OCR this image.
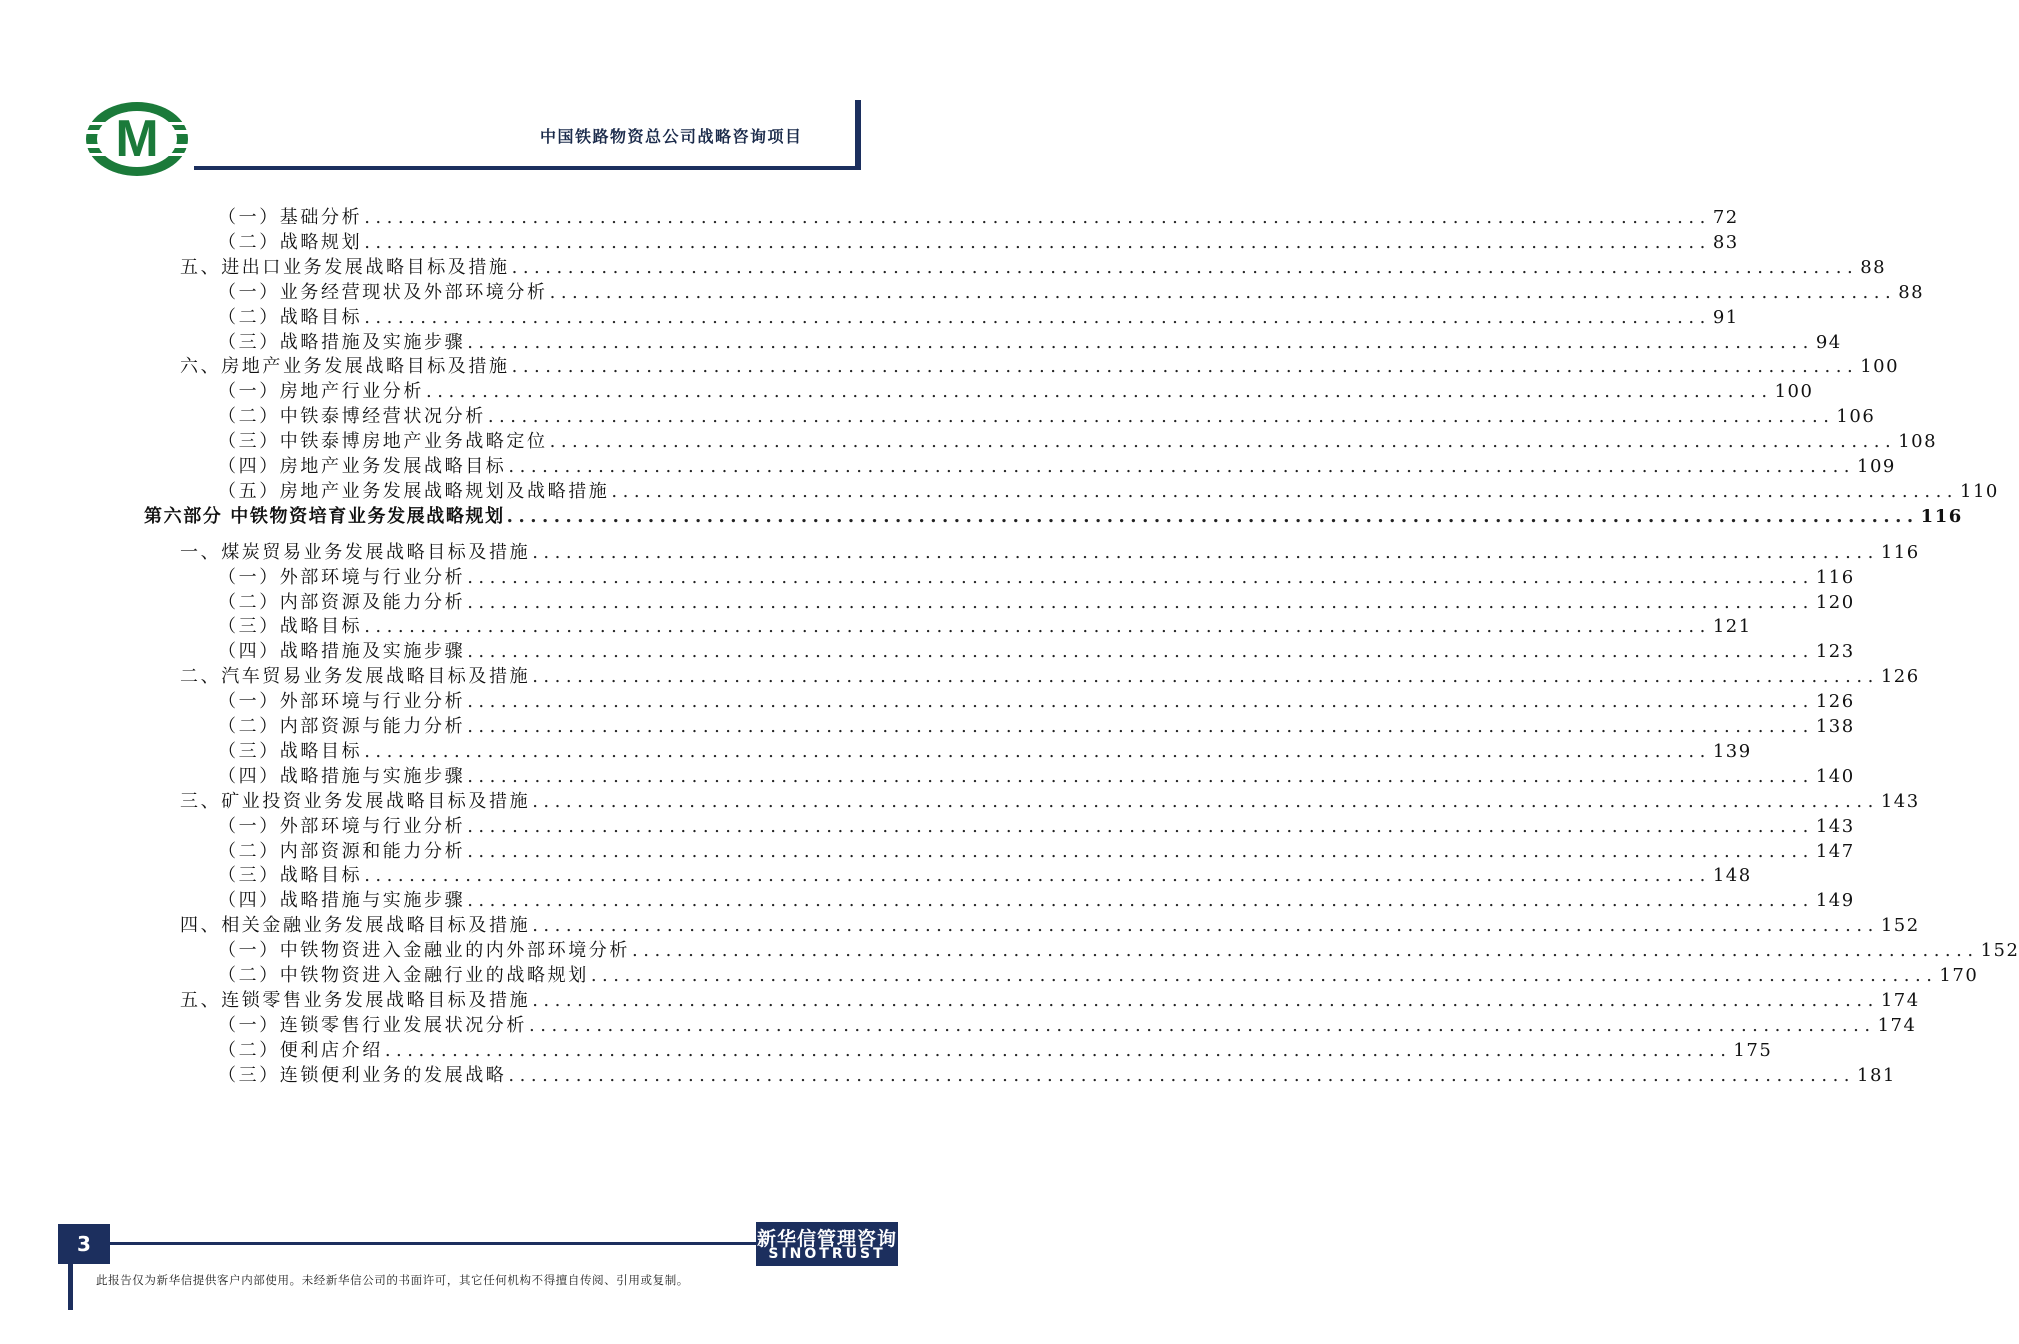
M	中国铁路物资总公司战略咨询项目
（一）基础分析 ........................................................................................................................ 72
（二）战略规划 ........................................................................................................................ 83
五、进出口业务发展战略目标及措施 ........................................................................................................................ 88
（一）业务经营现状及外部环境分析 ........................................................................................................................ 88
（二）战略目标 ........................................................................................................................ 91
（三）战略措施及实施步骤 ........................................................................................................................ 94
六、房地产业务发展战略目标及措施 ........................................................................................................................ 100
（一）房地产行业分析 ........................................................................................................................ 100
（二）中铁泰博经营状况分析 ........................................................................................................................ 106
（三）中铁泰博房地产业务战略定位 ........................................................................................................................ 108
（四）房地产业务发展战略目标 ........................................................................................................................ 109
（五）房地产业务发展战略规划及战略措施 ........................................................................................................................ 110
第六部分 中铁物资培育业务发展战略规划 ........................................................................................................................ 116
一、煤炭贸易业务发展战略目标及措施 ........................................................................................................................ 116
（一）外部环境与行业分析 ........................................................................................................................ 116
（二）内部资源及能力分析 ........................................................................................................................ 120
（三）战略目标 ........................................................................................................................ 121
（四）战略措施及实施步骤 ........................................................................................................................ 123
二、汽车贸易业务发展战略目标及措施 ........................................................................................................................ 126
（一）外部环境与行业分析 ........................................................................................................................ 126
（二）内部资源与能力分析 ........................................................................................................................ 138
（三）战略目标 ........................................................................................................................ 139
（四）战略措施与实施步骤 ........................................................................................................................ 140
三、矿业投资业务发展战略目标及措施 ........................................................................................................................ 143
（一）外部环境与行业分析 ........................................................................................................................ 143
（二）内部资源和能力分析 ........................................................................................................................ 147
（三）战略目标 ........................................................................................................................ 148
（四）战略措施与实施步骤 ........................................................................................................................ 149
四、相关金融业务发展战略目标及措施 ........................................................................................................................ 152
（一）中铁物资进入金融业的内外部环境分析 ........................................................................................................................ 152
（二）中铁物资进入金融行业的战略规划 ........................................................................................................................ 170
五、连锁零售业务发展战略目标及措施 ........................................................................................................................ 174
（一）连锁零售行业发展状况分析 ........................................................................................................................ 174
（二）便利店介绍 ........................................................................................................................ 175
（三）连锁便利业务的发展战略 ........................................................................................................................ 181
3	新华信管理咨询
SINOTRUST
此报告仅为新华信提供客户内部使用。未经新华信公司的书面许可，其它任何机构不得擅自传阅、引用或复制。
